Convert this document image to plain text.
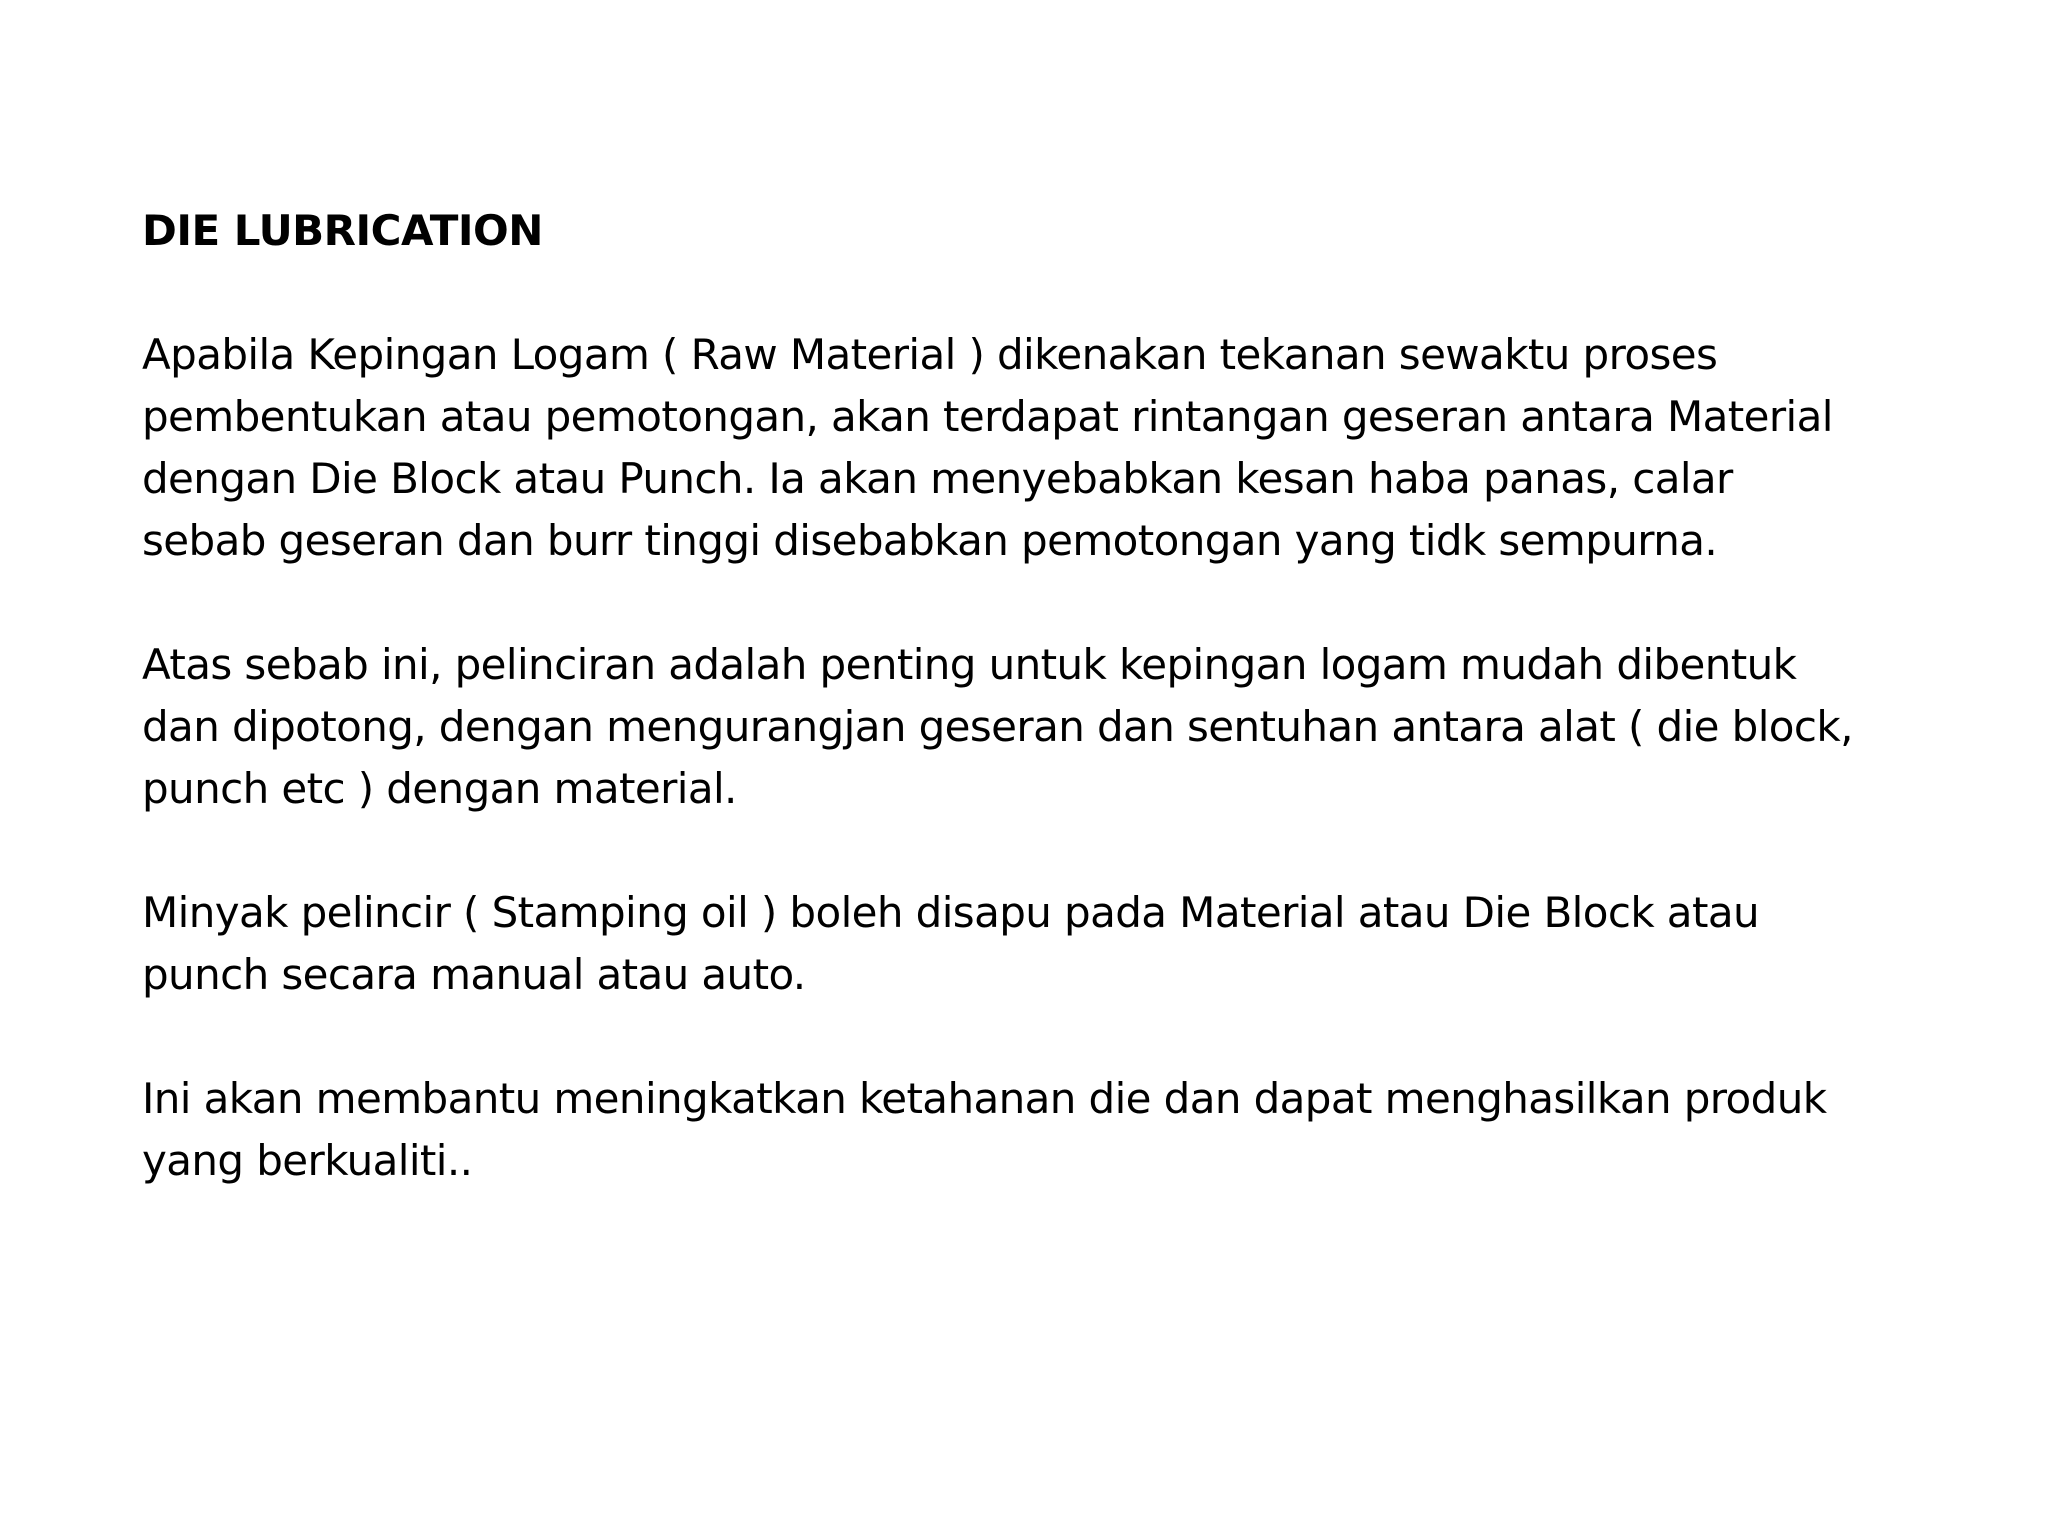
DIE LUBRICATION
Apabila Kepingan Logam ( Raw Material ) dikenakan tekanan sewaktu proses
pembentukan atau pemotongan, akan terdapat rintangan geseran antara Material
dengan Die Block atau Punch. Ia akan menyebabkan kesan haba panas, calar
sebab geseran dan burr tinggi disebabkan pemotongan yang tidk sempurna.
Atas sebab ini, pelinciran adalah penting untuk kepingan logam mudah dibentuk
dan dipotong, dengan mengurangjan geseran dan sentuhan antara alat ( die block,
punch etc ) dengan material.
Minyak pelincir ( Stamping oil ) boleh disapu pada Material atau Die Block atau
punch secara manual atau auto.
Ini akan membantu meningkatkan ketahanan die dan dapat menghasilkan produk
yang berkualiti..
